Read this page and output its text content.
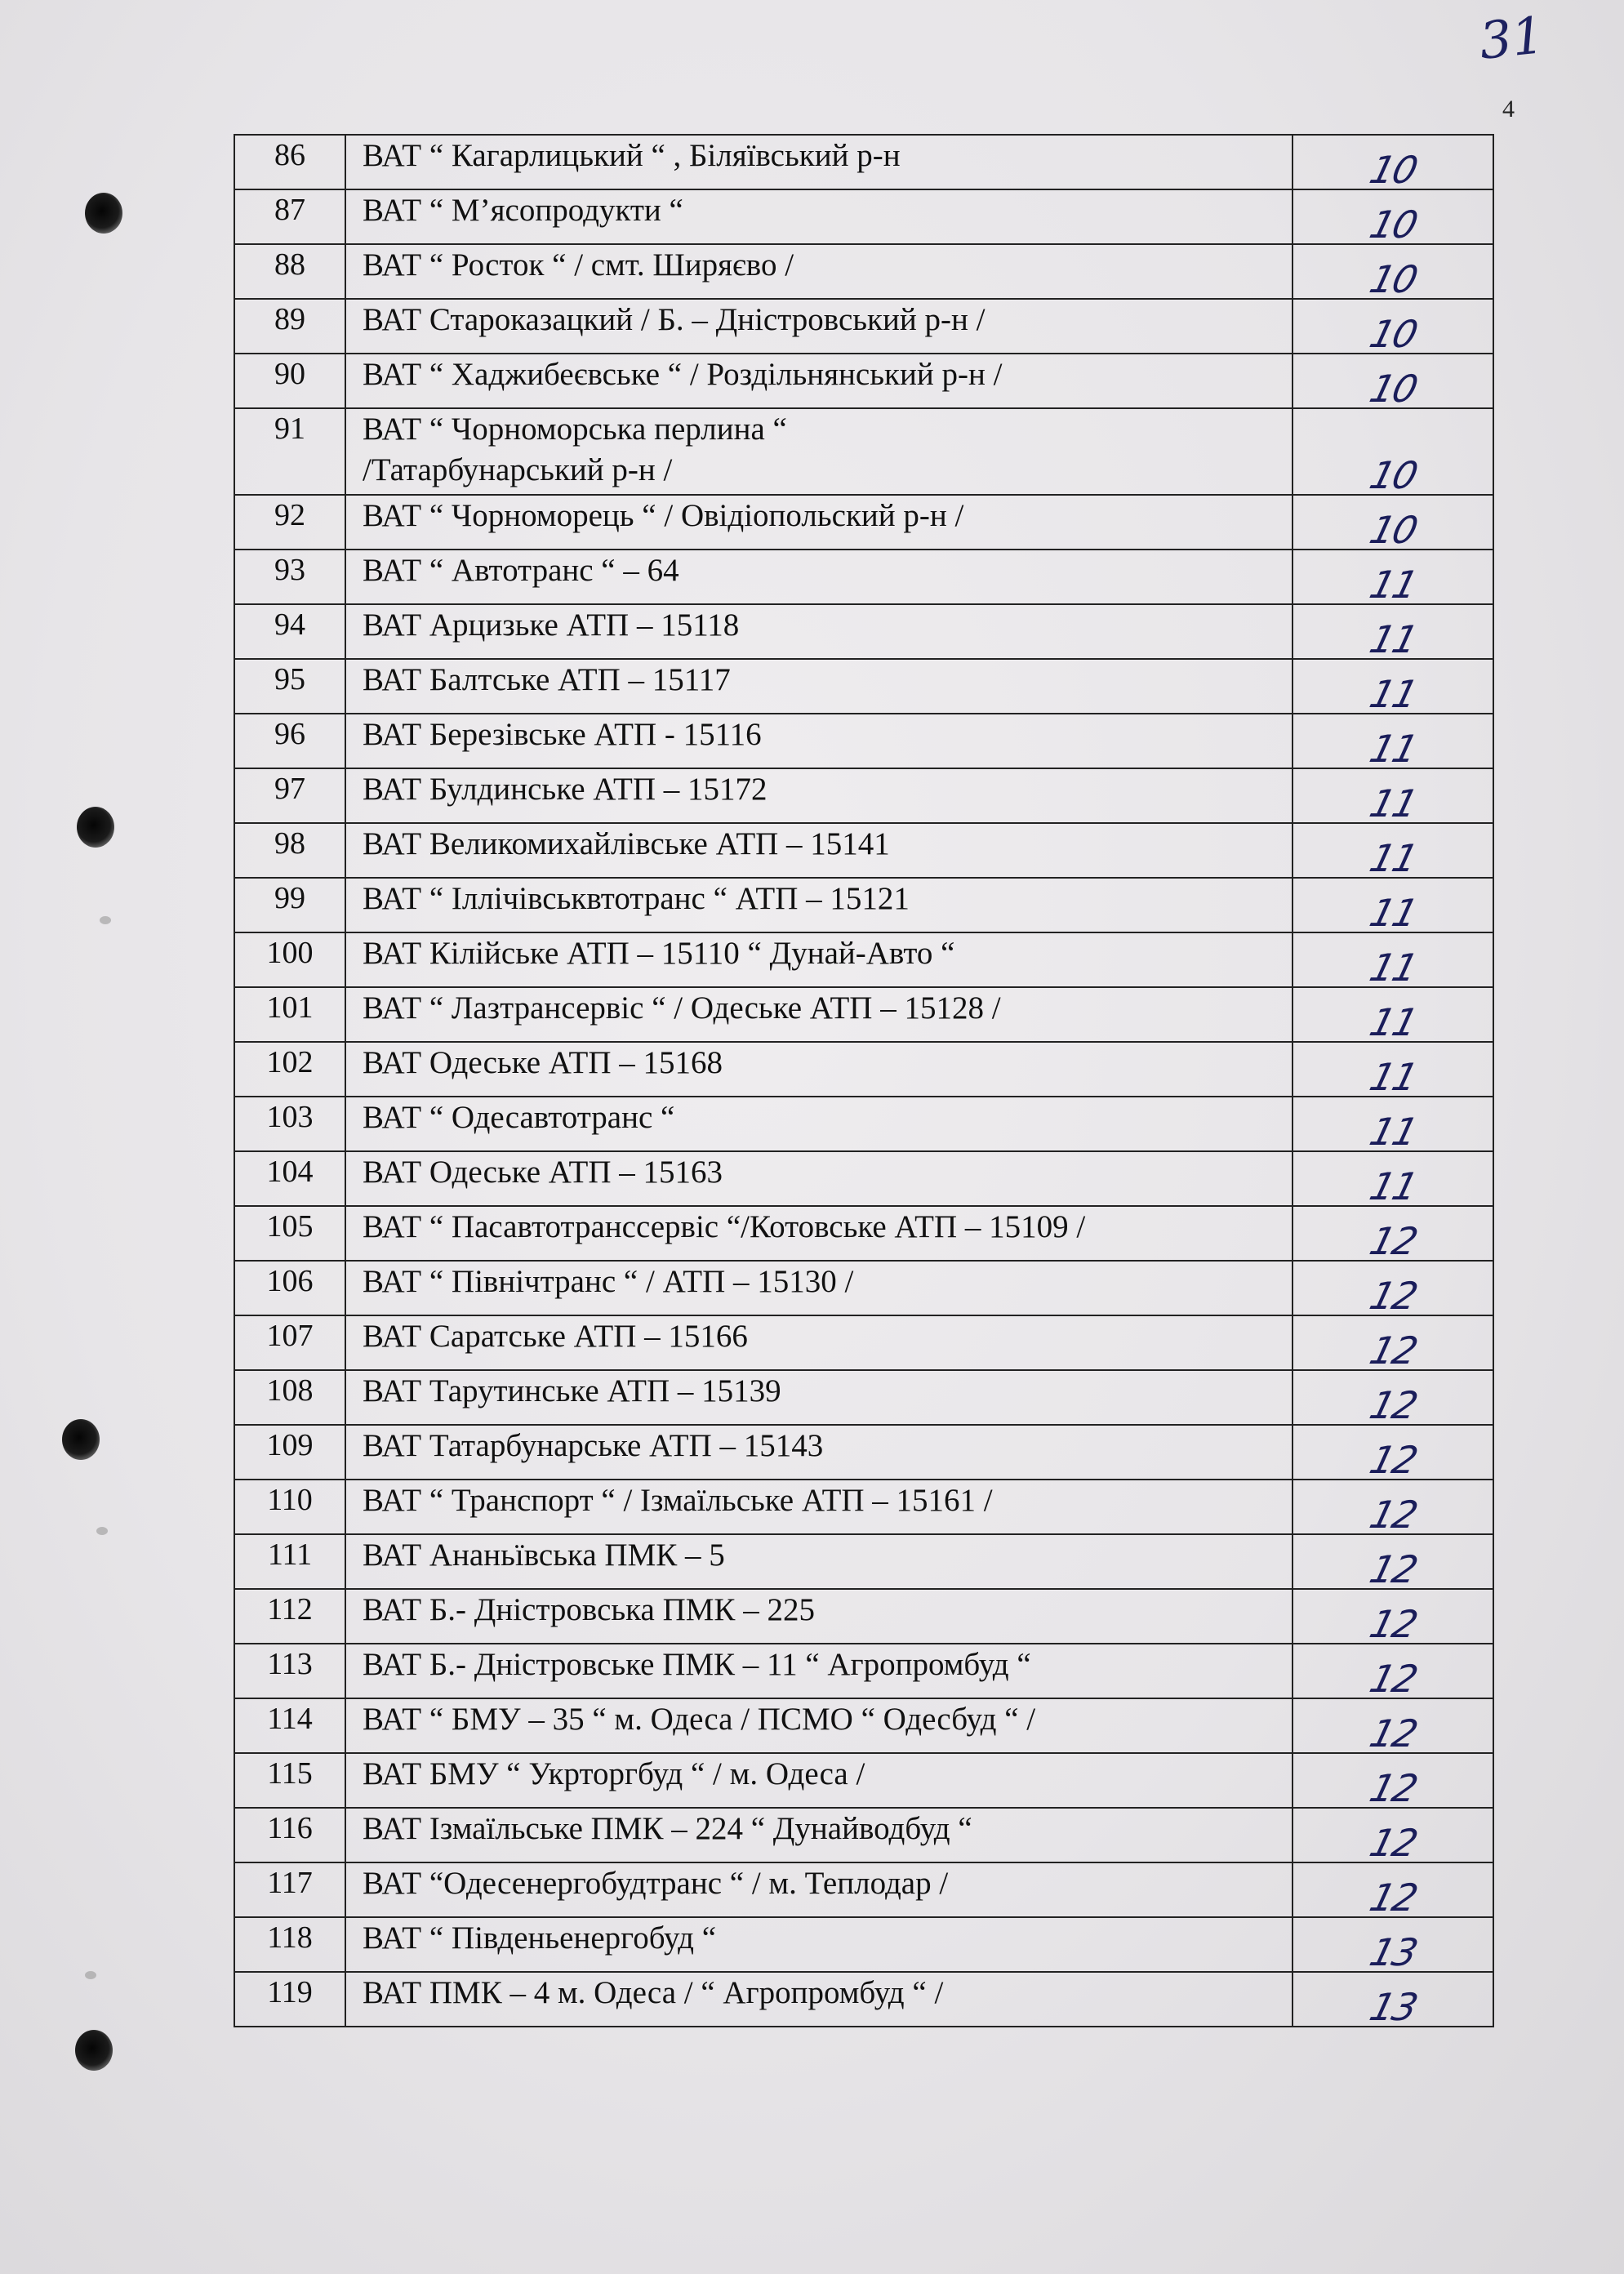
31
4
86	ВАТ “ Кагарлицький “ , Біляївський р-н	10
87	ВАТ “ М’ясопродукти “	10
88	ВАТ “ Росток “ / смт. Ширяєво /	10
89	ВАТ Староказацкий / Б. – Дністровський р-н /	10
90	ВАТ “ Хаджибеєвське “ / Роздільнянський р-н /	10
91	ВАТ “ Чорноморська перлина “
/Татарбунарський р-н /	10
92	ВАТ “ Чорноморець “ / Овідіопольский р-н /	10
93	ВАТ “ Автотранс “ – 64	11
94	ВАТ Арцизьке АТП – 15118	11
95	ВАТ Балтське АТП – 15117	11
96	ВАТ Березівське АТП - 15116	11
97	ВАТ Булдинське АТП – 15172	11
98	ВАТ Великомихайлівське АТП – 15141	11
99	ВАТ “ Іллічівськвтотранс “ АТП – 15121	11
100	ВАТ Кілійське АТП – 15110 “ Дунай-Авто “	11
101	ВАТ “ Лазтрансервіс “ / Одеське АТП – 15128 /	11
102	ВАТ Одеське АТП – 15168	11
103	ВАТ “ Одесавтотранс “	11
104	ВАТ Одеське АТП – 15163	11
105	ВАТ “ Пасавтотранссервіс “/Котовське АТП – 15109 /	12
106	ВАТ “ Північтранс “ / АТП – 15130 /	12
107	ВАТ Саратське АТП – 15166	12
108	ВАТ Тарутинське АТП – 15139	12
109	ВАТ Татарбунарське АТП – 15143	12
110	ВАТ “ Транспорт “ / Ізмаїльське АТП – 15161 /	12
111	ВАТ Ананьївська ПМК – 5	12
112	ВАТ Б.- Дністровська ПМК – 225	12
113	ВАТ Б.- Дністровське ПМК – 11 “ Агропромбуд “	12
114	ВАТ “ БМУ – 35 “ м. Одеса / ПСМО “ Одесбуд “ /	12
115	ВАТ БМУ “ Укрторгбуд “ / м. Одеса /	12
116	ВАТ Ізмаїльське ПМК – 224 “ Дунайводбуд “	12
117	ВАТ “Одесенергобудтранс “ / м. Теплодар /	12
118	ВАТ “ Південьенергобуд “	13
119	ВАТ ПМК – 4 м. Одеса / “ Агропромбуд “ /	13
